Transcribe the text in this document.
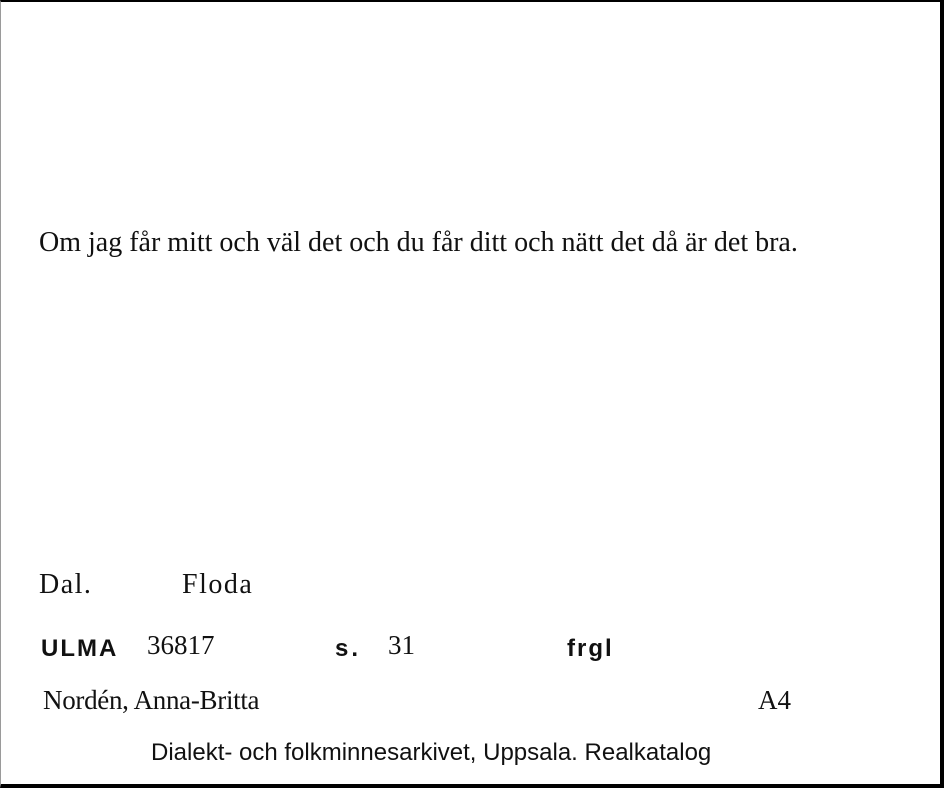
Om jag får mitt och väl det och du får ditt och nätt det då är det bra.

Dal.	Floda
ULMA 36817	s. 31	frgl
Nordén, Anna-Britta	A4
Dialekt- och folkminnesarkivet, Uppsala. Realkatalog
